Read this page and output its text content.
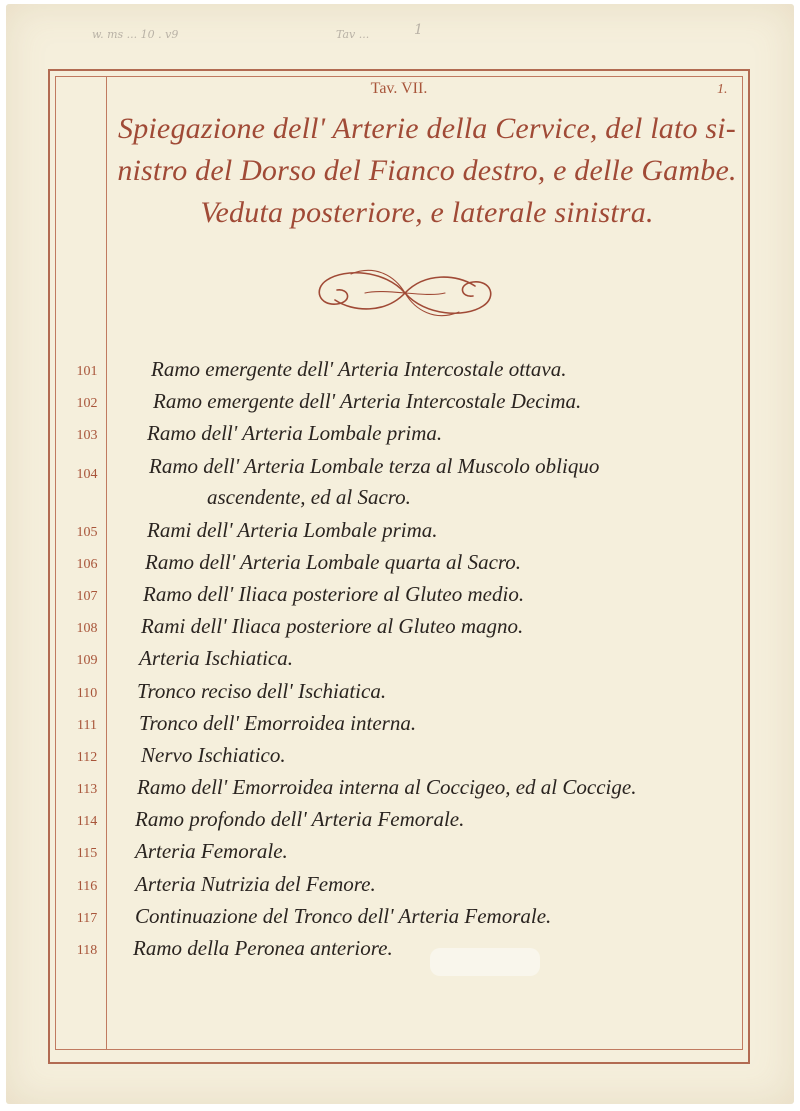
w. ms ... 10 . v9	Tav ...	1
Tav. VII.	1.
Spiegazione dell' Arterie della Cervice, del lato si-
nistro del Dorso del Fianco destro, e delle Gambe.
Veduta posteriore, e laterale sinistra.
101	Ramo emergente dell' Arteria Intercostale ottava.
102	Ramo emergente dell' Arteria Intercostale Decima.
103	Ramo dell' Arteria Lombale prima.
104	Ramo dell' Arteria Lombale terza al Muscolo obliquo
ascendente, ed al Sacro.
105	Rami dell' Arteria Lombale prima.
106	Ramo dell' Arteria Lombale quarta al Sacro.
107	Ramo dell' Iliaca posteriore al Gluteo medio.
108	Rami dell' Iliaca posteriore al Gluteo magno.
109	Arteria Ischiatica.
110	Tronco reciso dell' Ischiatica.
111	Tronco dell' Emorroidea interna.
112	Nervo Ischiatico.
113	Ramo dell' Emorroidea interna al Coccigeo, ed al Coccige.
114	Ramo profondo dell' Arteria Femorale.
115	Arteria Femorale.
116	Arteria Nutrizia del Femore.
117	Continuazione del Tronco dell' Arteria Femorale.
118	Ramo della Peronea anteriore.
